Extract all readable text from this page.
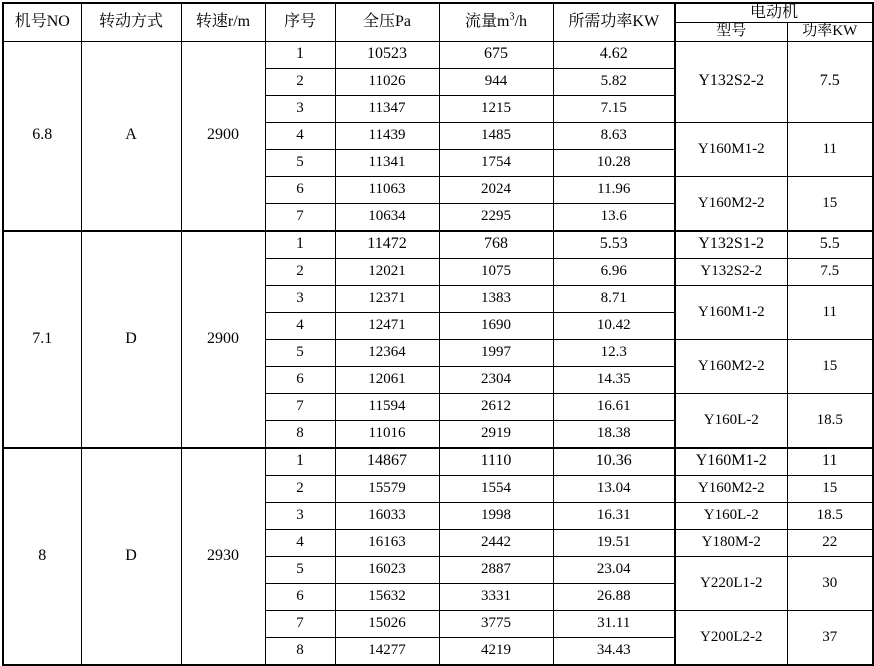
机号NO	转动方式	转速r/m	序号	全压Pa	流量$m^3/h$	所需功率KW	电动机	
							型号	功率KW
6.8	A	2900	1	10523	675	4.62	Y132S2-2	7.5
			2	11026	944	5.82		
			3	11347	1215	7.15		
			4	11439	1485	8.63	Y160M1-2	11
			5	11341	1754	10.28		
			6	11063	2024	11.96	Y160M2-2	15
			7	10634	2295	13.6		
7.1	D	2900	1	11472	768	5.53	Y132S1-2	5.5
			2	12021	1075	6.96	Y132S2-2	7.5
			3	12371	1383	8.71	Y160M1-2	11
			4	12471	1690	10.42		
			5	12364	1997	12.3	Y160M2-2	15
			6	12061	2304	14.35		
			7	11594	2612	16.61	Y160L-2	18.5
			8	11016	2919	18.38		
8	D	2930	1	14867	1110	10.36	Y160M1-2	11
			2	15579	1554	13.04	Y160M2-2	15
			3	16033	1998	16.31	Y160L-2	18.5
			4	16163	2442	19.51	Y180M-2	22
			5	16023	2887	23.04	Y220L1-2	30
			6	15632	3331	26.88		
			7	15026	3775	31.11	Y200L2-2	37
			8	14277	4219	34.43		
